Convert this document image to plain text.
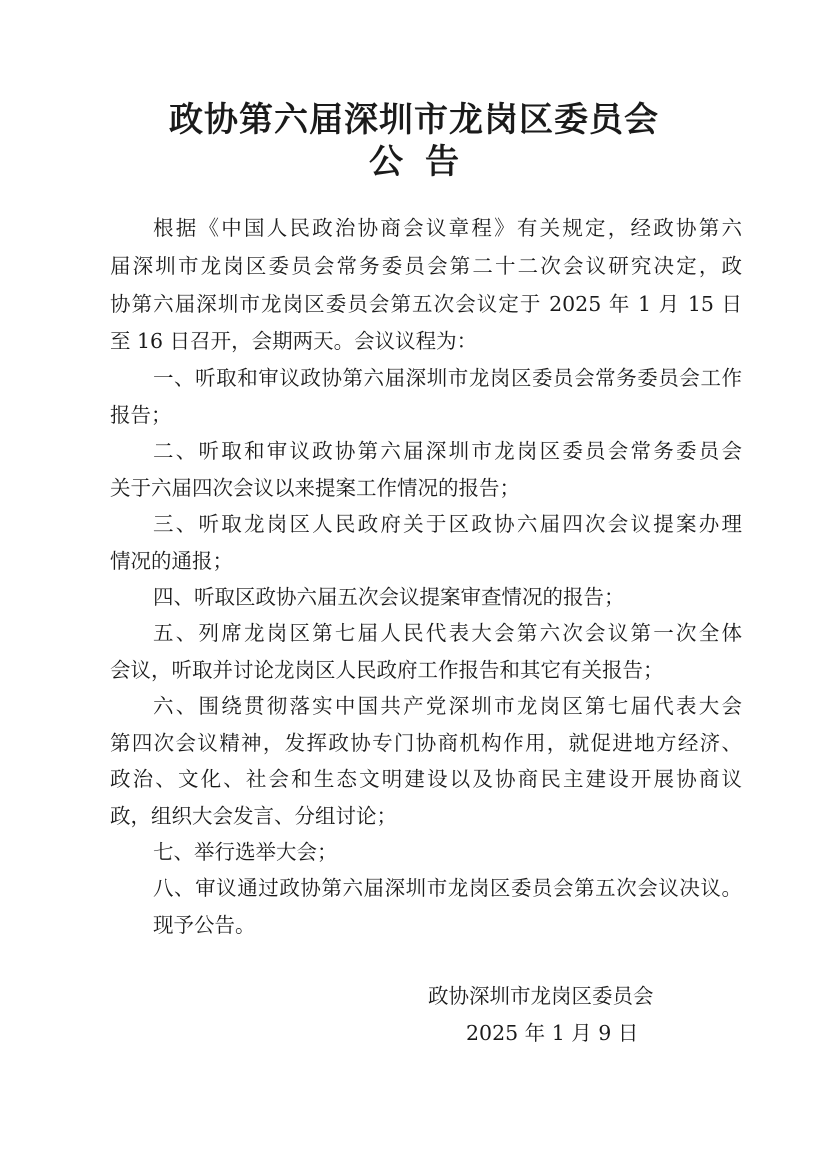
政协第六届深圳市龙岗区委员会
公告
根据《中国人民政治协商会议章程》有关规定，经政协第六
届深圳市龙岗区委员会常务委员会第二十二次会议研究决定，政
协第六届深圳市龙岗区委员会第五次会议定于 2025 年 1 月 15 日
至 16 日召开，会期两天。会议议程为：
一、听取和审议政协第六届深圳市龙岗区委员会常务委员会工作
报告；
二、听取和审议政协第六届深圳市龙岗区委员会常务委员会
关于六届四次会议以来提案工作情况的报告；
三、听取龙岗区人民政府关于区政协六届四次会议提案办理
情况的通报；
四、听取区政协六届五次会议提案审查情况的报告；
五、列席龙岗区第七届人民代表大会第六次会议第一次全体
会议，听取并讨论龙岗区人民政府工作报告和其它有关报告；
六、围绕贯彻落实中国共产党深圳市龙岗区第七届代表大会
第四次会议精神，发挥政协专门协商机构作用，就促进地方经济、
政治、文化、社会和生态文明建设以及协商民主建设开展协商议
政，组织大会发言、分组讨论；
七、举行选举大会；
八、审议通过政协第六届深圳市龙岗区委员会第五次会议决议。
现予公告。
政协深圳市龙岗区委员会
2025 年 1 月 9 日
